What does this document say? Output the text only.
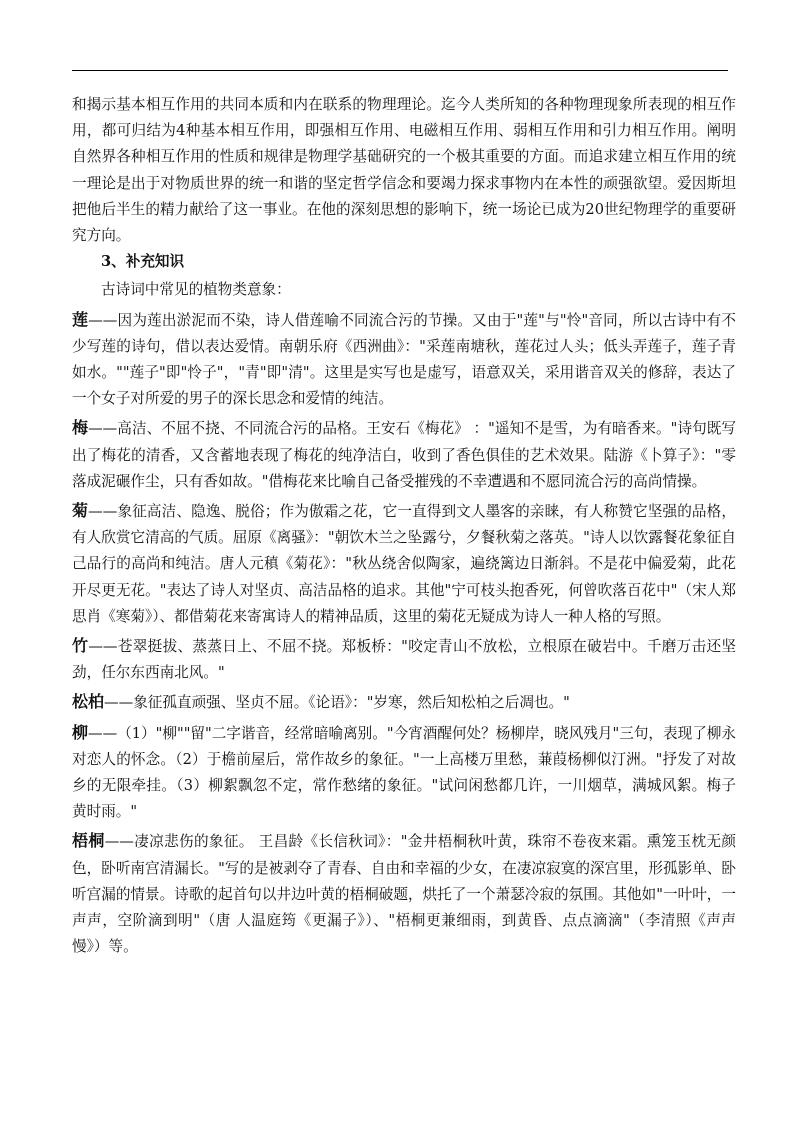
和揭示基本相互作用的共同本质和内在联系的物理理论。迄今人类所知的各种物理现象所表现的相互作用，都可归结为4种基本相互作用，即强相互作用、电磁相互作用、弱相互作用和引力相互作用。阐明自然界各种相互作用的性质和规律是物理学基础研究的一个极其重要的方面。而追求建立相互作用的统一理论是出于对物质世界的统一和谐的坚定哲学信念和要竭力探求事物内在本性的顽强欲望。爱因斯坦把他后半生的精力献给了这一事业。在他的深刻思想的影响下，统一场论已成为20世纪物理学的重要研究方向。

3、补充知识

古诗词中常见的植物类意象：

莲——因为莲出淤泥而不染，诗人借莲喻不同流合污的节操。又由于"莲"与"怜"音同，所以古诗中有不少写莲的诗句，借以表达爱情。南朝乐府《西洲曲》："采莲南塘秋，莲花过人头；低头弄莲子，莲子青如水。""莲子"即"怜子"，"青"即"清"。这里是实写也是虚写，语意双关，采用谐音双关的修辞，表达了一个女子对所爱的男子的深长思念和爱情的纯洁。

梅——高洁、不屈不挠、不同流合污的品格。王安石《梅花》 ："遥知不是雪，为有暗香来。"诗句既写出了梅花的清香，又含蓄地表现了梅花的纯净洁白，收到了香色俱佳的艺术效果。陆游《卜算子》："零落成泥碾作尘，只有香如故。"借梅花来比喻自己备受摧残的不幸遭遇和不愿同流合污的高尚情操。

菊——象征高洁、隐逸、脱俗；作为傲霜之花，它一直得到文人墨客的亲睐，有人称赞它坚强的品格，有人欣赏它清高的气质。屈原《离骚》："朝饮木兰之坠露兮，夕餐秋菊之落英。"诗人以饮露餐花象征自己品行的高尚和纯洁。唐人元稹《菊花》："秋丛绕舍似陶家，遍绕篱边日渐斜。不是花中偏爱菊，此花开尽更无花。"表达了诗人对坚贞、高洁品格的追求。其他"宁可枝头抱香死，何曾吹落百花中"（宋人郑思肖《寒菊》）、都借菊花来寄寓诗人的精神品质，这里的菊花无疑成为诗人一种人格的写照。

竹——苍翠挺拔、蒸蒸日上、不屈不挠。郑板桥："咬定青山不放松，立根原在破岩中。千磨万击还坚劲，任尔东西南北风。"

松柏——象征孤直顽强、坚贞不屈。《论语》："岁寒，然后知松柏之后凋也。"

柳——（1）"柳""留"二字谐音，经常暗喻离别。"今宵酒醒何处？杨柳岸，晓风残月"三句，表现了柳永对恋人的怀念。（2）于檐前屋后，常作故乡的象征。"一上高楼万里愁，蒹葭杨柳似汀洲。"抒发了对故乡的无限牵挂。（3）柳絮飘忽不定，常作愁绪的象征。"试问闲愁都几许，一川烟草，满城风絮。梅子黄时雨。"

梧桐——凄凉悲伤的象征。 王昌龄《长信秋词》："金井梧桐秋叶黄，珠帘不卷夜来霜。熏笼玉枕无颜色，卧听南宫清漏长。"写的是被剥夺了青春、自由和幸福的少女，在凄凉寂寞的深宫里，形孤影单、卧听宫漏的情景。诗歌的起首句以井边叶黄的梧桐破题，烘托了一个萧瑟冷寂的氛围。其他如"一叶叶，一声声，空阶滴到明"（唐 人温庭筠《更漏子》）、"梧桐更兼细雨，到黄昏、点点滴滴"（李清照《声声慢》）等。
